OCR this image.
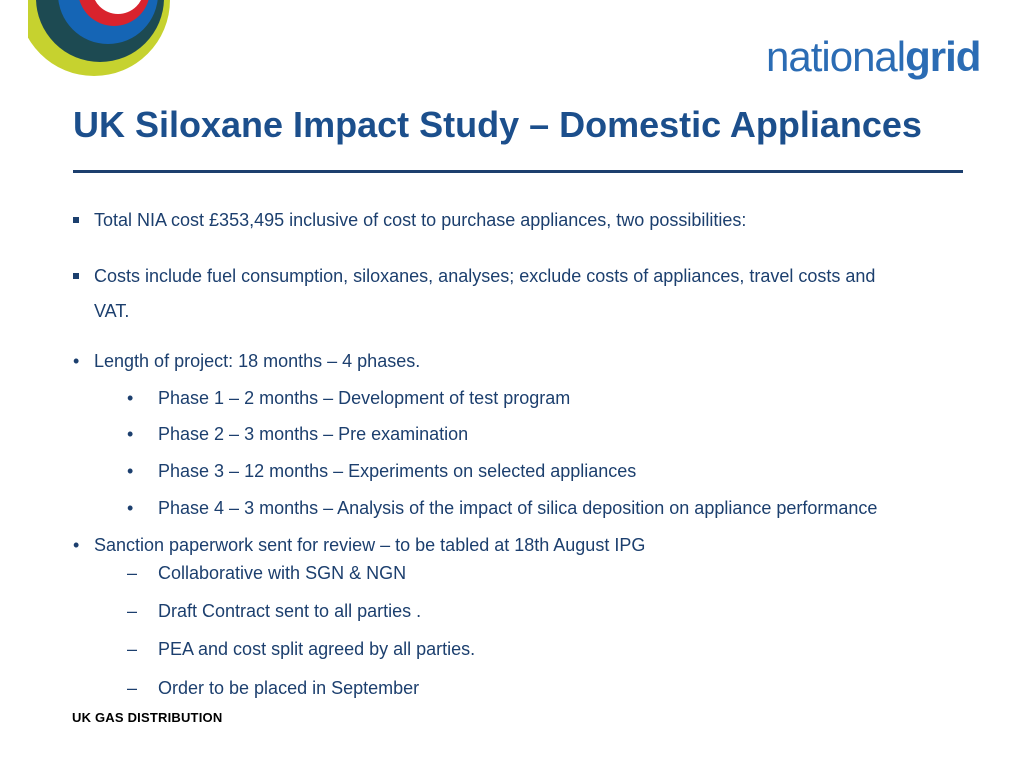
nationalgrid
UK Siloxane Impact Study – Domestic Appliances
Total NIA cost £353,495 inclusive of cost to purchase appliances, two possibilities:
Costs include fuel consumption, siloxanes, analyses; exclude costs of appliances, travel costs and
VAT.
• Length of project: 18 months – 4 phases.
• Phase 1 – 2 months – Development of test program
• Phase 2 – 3 months – Pre examination
• Phase 3 – 12 months – Experiments on selected appliances
• Phase 4 – 3 months – Analysis of the impact of silica deposition on appliance performance
• Sanction paperwork sent for review – to be tabled at 18th August IPG
– Collaborative with SGN & NGN
– Draft Contract sent to all parties .
– PEA and cost split agreed by all parties.
– Order to be placed in September
UK GAS DISTRIBUTION
